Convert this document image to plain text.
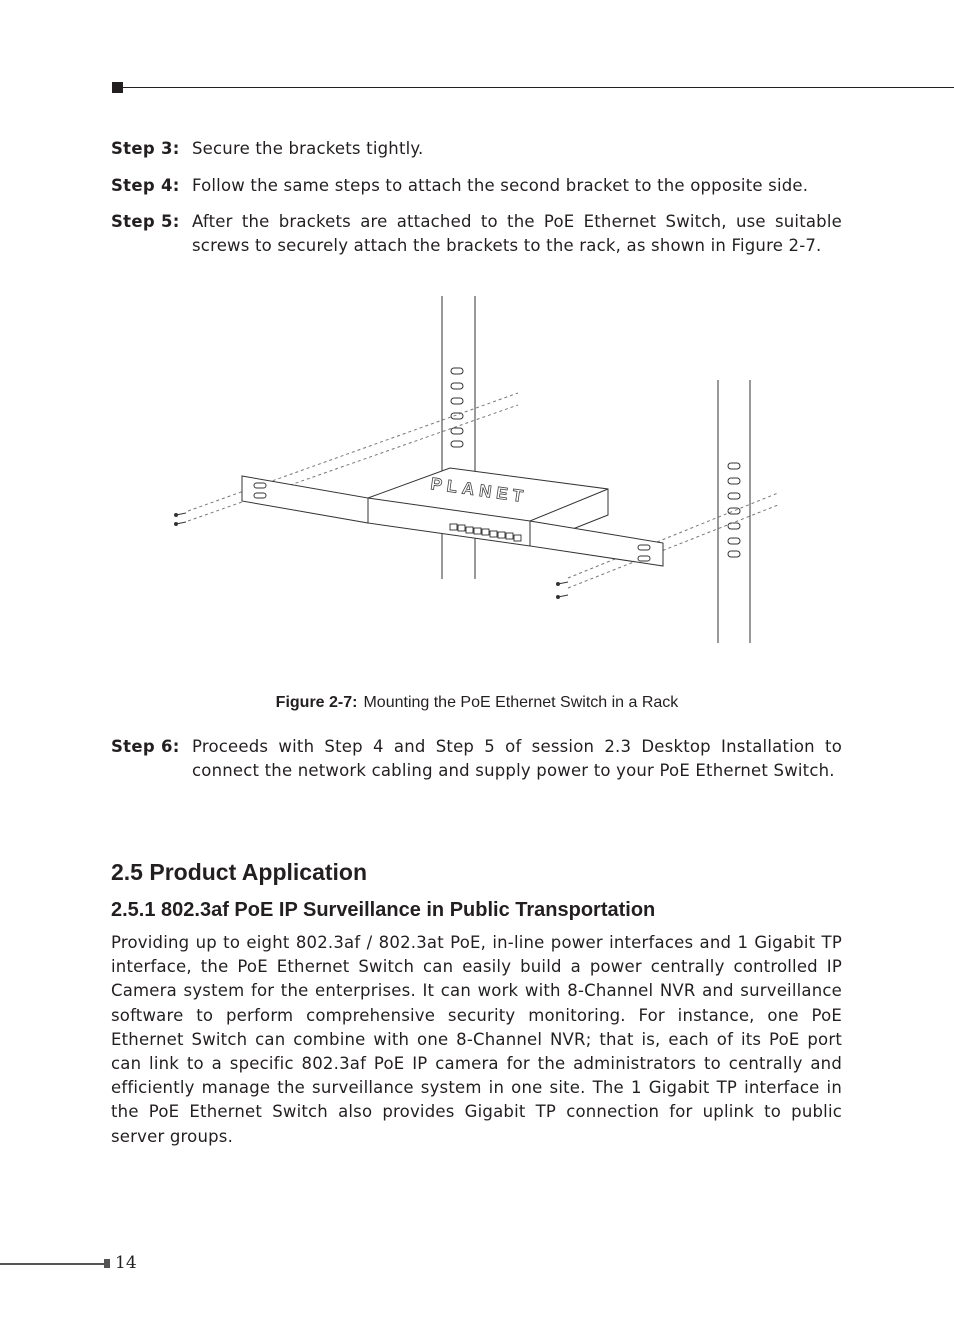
Step 3: Secure the brackets tightly.
Step 4: Follow the same steps to attach the second bracket to the opposite side.
Step 5: After the brackets are attached to the PoE Ethernet Switch, use suitable screws to securely attach the brackets to the rack, as shown in Figure 2-7.
PLANET
Figure 2-7: Mounting the PoE Ethernet Switch in a Rack
Step 6: Proceeds with Step 4 and Step 5 of session 2.3 Desktop Installation to connect the network cabling and supply power to your PoE Ethernet Switch.
2.5 Product Application
2.5.1 802.3af PoE IP Surveillance in Public Transportation
Providing up to eight 802.3af / 802.3at PoE, in-line power interfaces and 1 Gigabit TP interface, the PoE Ethernet Switch can easily build a power centrally controlled IP Camera system for the enterprises. It can work with 8-Channel NVR and surveillance software to perform comprehensive security monitoring. For instance, one PoE Ethernet Switch can combine with one 8-Channel NVR; that is, each of its PoE port can link to a specific 802.3af PoE IP camera for the administrators to centrally and efficiently manage the surveillance system in one site. The 1 Gigabit TP interface in the PoE Ethernet Switch also provides Gigabit TP connection for uplink to public server groups.
14
